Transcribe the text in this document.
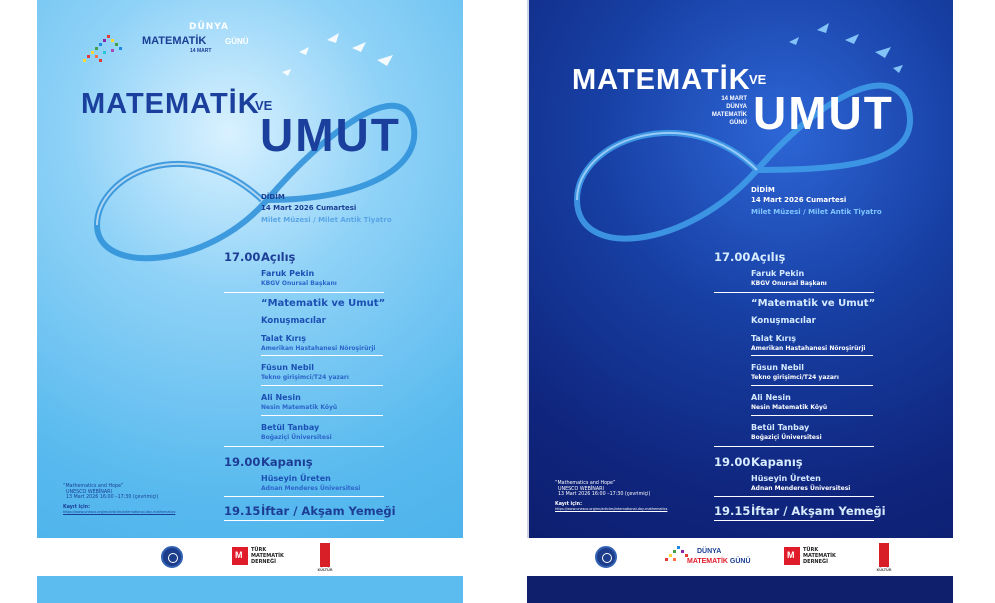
DÜNYA
MATEMATİK GÜNÜ
14 MART
MATEMATİK
VE
UMUT
DİDİM
14 Mart 2026 Cumartesi
Milet Müzesi / Milet Antik Tiyatro
17.00 Açılış
Faruk Pekin
KBGV Onursal Başkanı
“Matematik ve Umut”
Konuşmacılar
Talat Kırış
Amerikan Hastahanesi Nöroşirürji
Füsun Nebil
Tekno girişimci/T24 yazarı
Ali Nesin
Nesin Matematik Köyü
Betül Tanbay
Boğaziçi Üniversitesi
19.00 Kapanış
Hüseyin Üreten
Adnan Menderes Üniversitesi
19.15 İftar / Akşam Yemeği
“Mathematics and Hope”
UNESCO WEBİNARI
13 Mart 2026 16:00 –17:30 (çevrimiçi)
Kayıt için:
https://www.unesco.org/en/articles/international-day-mathematics
M
TÜRK
MATEMATİK
DERNEĞİ
KÜLTÜR
MATEMATİK
VE
14 MART
DÜNYA
MATEMATİK
GÜNÜ UMUT
DİDİM
14 Mart 2026 Cumartesi
Milet Müzesi / Milet Antik Tiyatro
17.00 Açılış
Faruk Pekin
KBGV Onursal Başkanı
“Matematik ve Umut”
Konuşmacılar
Talat Kırış
Amerikan Hastahanesi Nöroşirürji
Füsun Nebil
Tekno girişimci/T24 yazarı
Ali Nesin
Nesin Matematik Köyü
Betül Tanbay
Boğaziçi Üniversitesi
19.00 Kapanış
Hüseyin Üreten
Adnan Menderes Üniversitesi
19.15 İftar / Akşam Yemeği
“Mathematics and Hope”
UNESCO WEBİNARI
13 Mart 2026 16:00 –17:30 (çevrimiçi)
Kayıt için:
https://www.unesco.org/en/articles/international-day-mathematics
DÜNYA
MATEMATİK GÜNÜ
M
TÜRK
MATEMATİK
DERNEĞİ
KÜLTÜR
